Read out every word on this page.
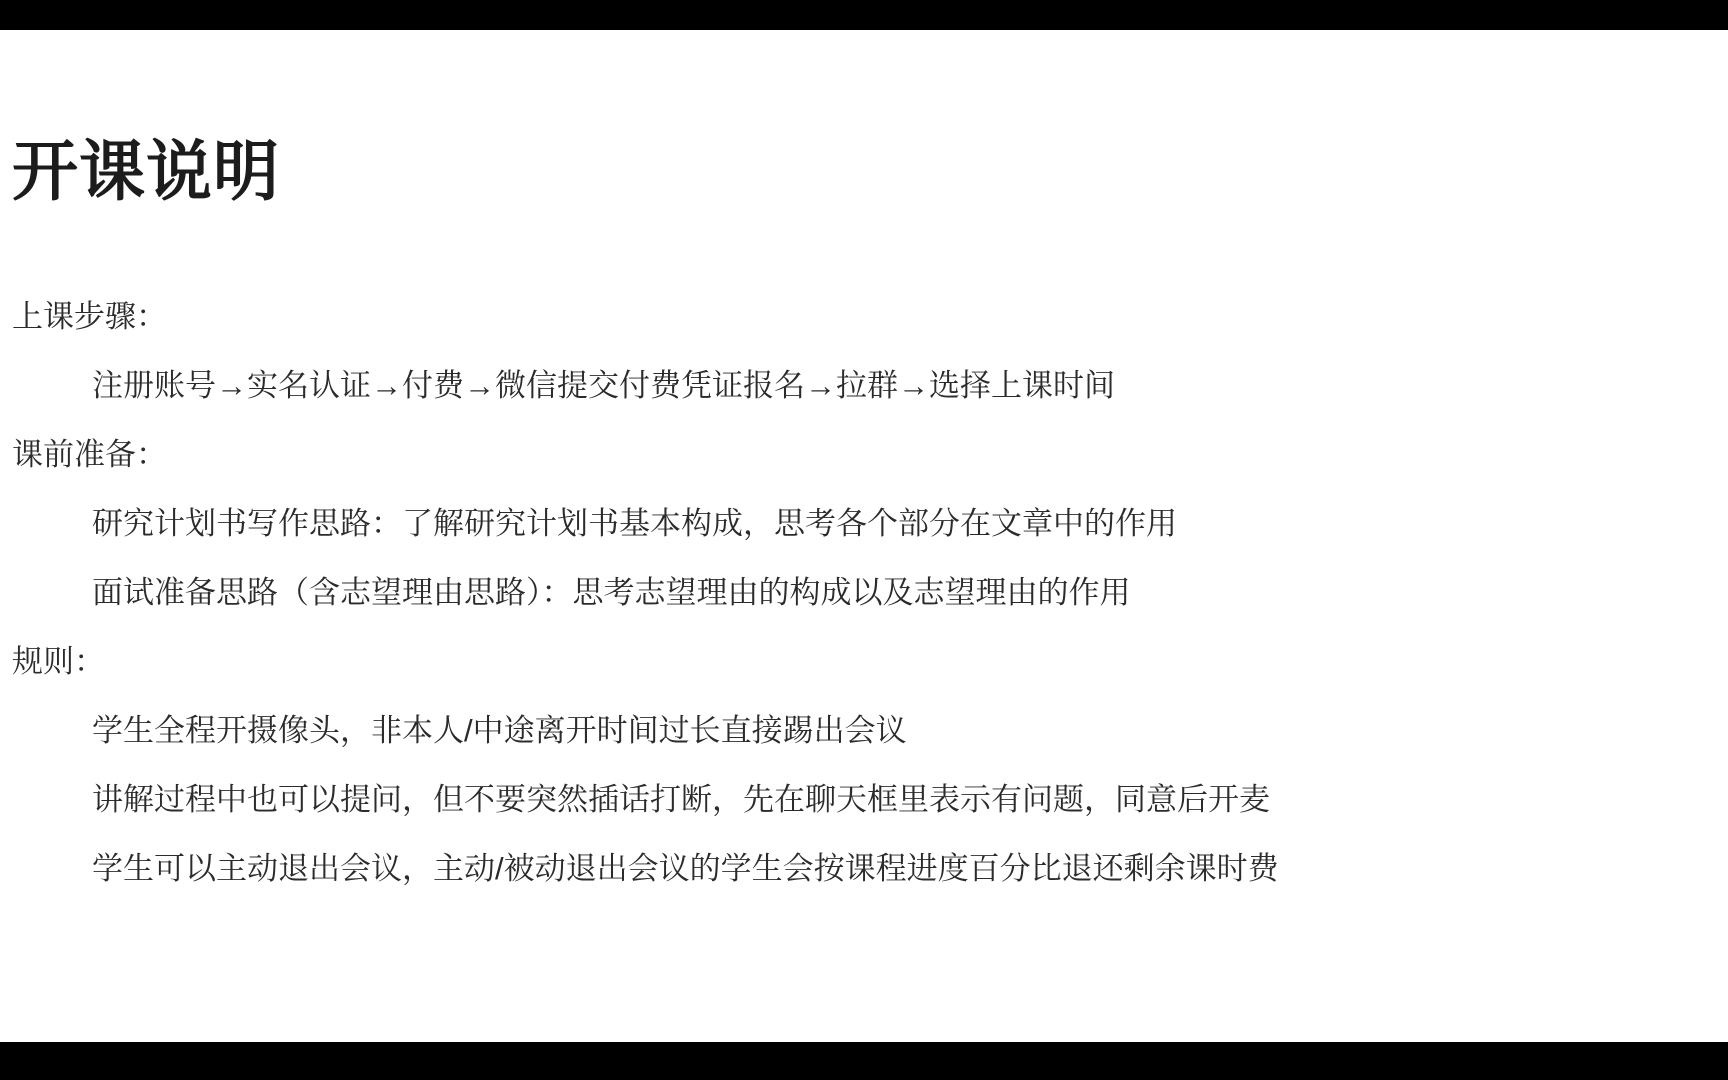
开课说明
上课步骤：
注册账号→实名认证→付费→微信提交付费凭证报名→拉群→选择上课时间
课前准备：
研究计划书写作思路：了解研究计划书基本构成，思考各个部分在文章中的作用
面试准备思路（含志望理由思路）：思考志望理由的构成以及志望理由的作用
规则：
学生全程开摄像头，非本人/中途离开时间过长直接踢出会议
讲解过程中也可以提问，但不要突然插话打断，先在聊天框里表示有问题，同意后开麦
学生可以主动退出会议，主动/被动退出会议的学生会按课程进度百分比退还剩余课时费
